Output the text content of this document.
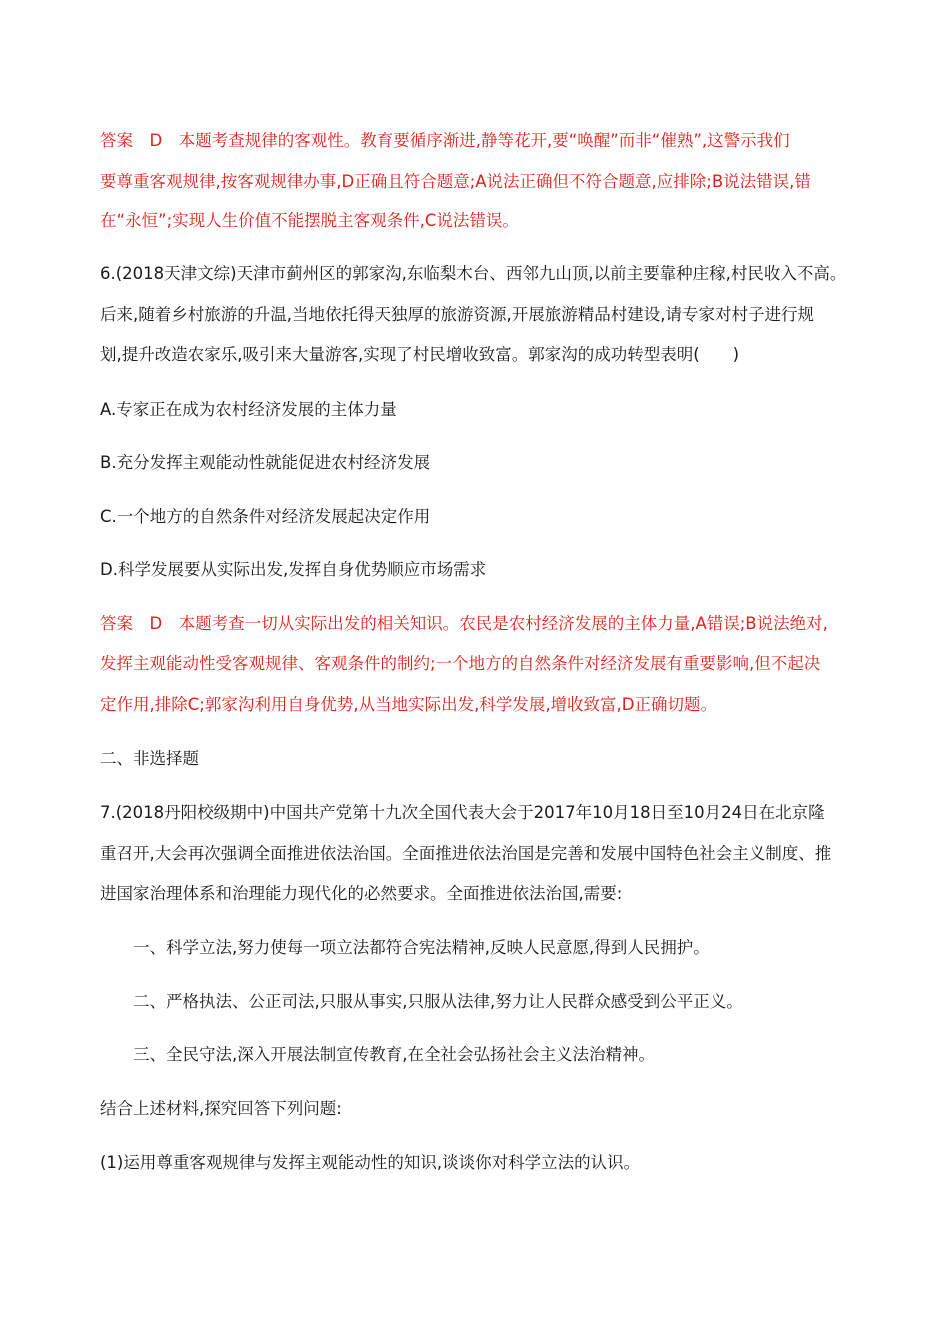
答案　D　本题考查规律的客观性。教育要循序渐进,静等花开,要“唤醒”而非“催熟”,这警示我们
要尊重客观规律,按客观规律办事,D正确且符合题意;A说法正确但不符合题意,应排除;B说法错误,错
在“永恒”;实现人生价值不能摆脱主客观条件,C说法错误。
6.(2018天津文综)天津市蓟州区的郭家沟,东临梨木台、西邻九山顶,以前主要靠种庄稼,村民收入不高。
后来,随着乡村旅游的升温,当地依托得天独厚的旅游资源,开展旅游精品村建设,请专家对村子进行规
划,提升改造农家乐,吸引来大量游客,实现了村民增收致富。郭家沟的成功转型表明(　　)
A.专家正在成为农村经济发展的主体力量
B.充分发挥主观能动性就能促进农村经济发展
C.一个地方的自然条件对经济发展起决定作用
D.科学发展要从实际出发,发挥自身优势顺应市场需求
答案　D　本题考查一切从实际出发的相关知识。农民是农村经济发展的主体力量,A错误;B说法绝对,
发挥主观能动性受客观规律、客观条件的制约;一个地方的自然条件对经济发展有重要影响,但不起决
定作用,排除C;郭家沟利用自身优势,从当地实际出发,科学发展,增收致富,D正确切题。
二、非选择题
7.(2018丹阳校级期中)中国共产党第十九次全国代表大会于2017年10月18日至10月24日在北京隆
重召开,大会再次强调全面推进依法治国。全面推进依法治国是完善和发展中国特色社会主义制度、推
进国家治理体系和治理能力现代化的必然要求。全面推进依法治国,需要:
一、科学立法,努力使每一项立法都符合宪法精神,反映人民意愿,得到人民拥护。
二、严格执法、公正司法,只服从事实,只服从法律,努力让人民群众感受到公平正义。
三、全民守法,深入开展法制宣传教育,在全社会弘扬社会主义法治精神。
结合上述材料,探究回答下列问题:
(1)运用尊重客观规律与发挥主观能动性的知识,谈谈你对科学立法的认识。
